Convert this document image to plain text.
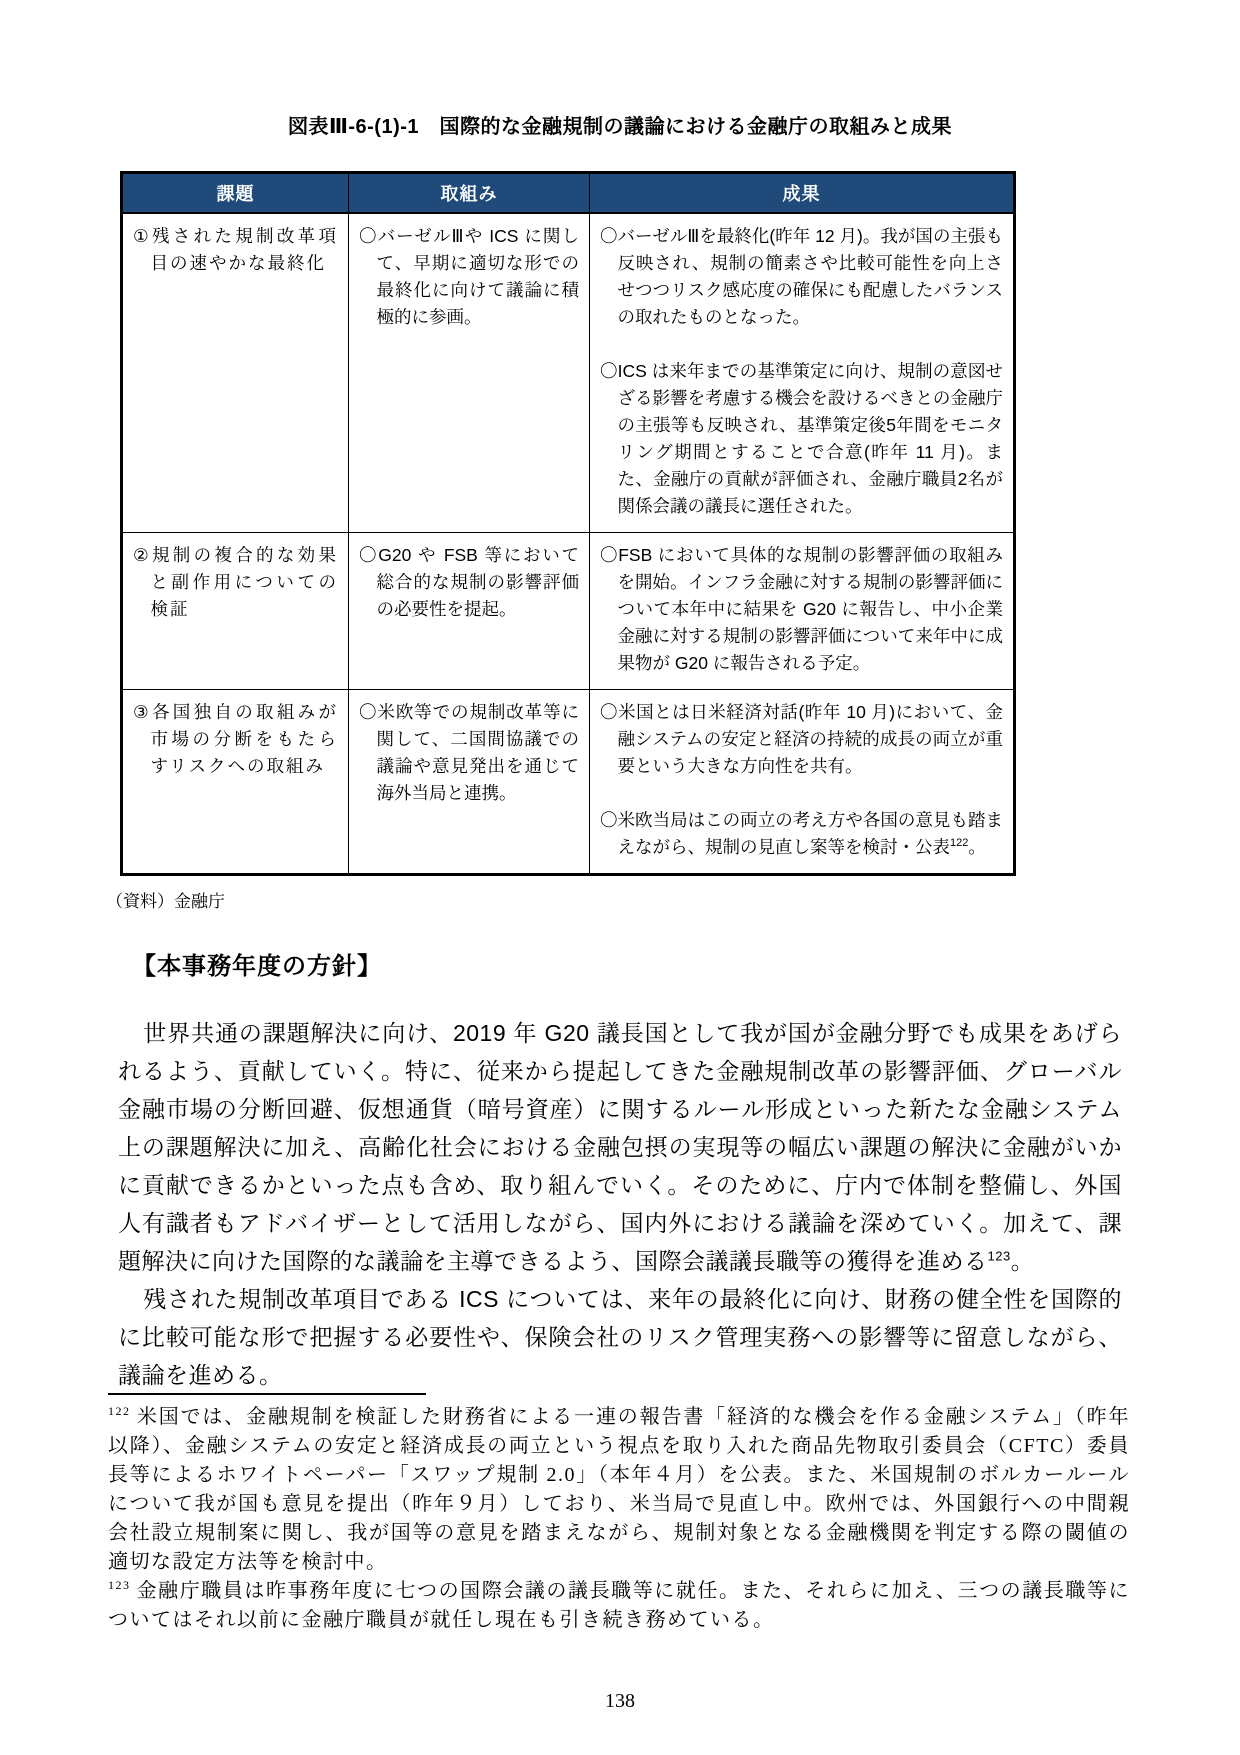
図表Ⅲ-6-(1)-1　国際的な金融規制の議論における金融庁の取組みと成果
課題	取組み	成果

①残された規制改革項目の速やかな最終化	〇バーゼルⅢや ICS に関して、早期に適切な形での最終化に向けて議論に積極的に参画。	〇バーゼルⅢを最終化(昨年 12 月)。我が国の主張も反映され、規制の簡素さや比較可能性を向上させつつリスク感応度の確保にも配慮したバランスの取れたものとなった。

〇ICS は来年までの基準策定に向け、規制の意図せざる影響を考慮する機会を設けるべきとの金融庁の主張等も反映され、基準策定後5年間をモニタリング期間とすることで合意(昨年 11 月)。また、金融庁の貢献が評価され、金融庁職員2名が関係会議の議長に選任された。

②規制の複合的な効果と副作用についての検証	〇G20 や FSB 等において総合的な規制の影響評価の必要性を提起。	〇FSB において具体的な規制の影響評価の取組みを開始。インフラ金融に対する規制の影響評価について本年中に結果を G20 に報告し、中小企業金融に対する規制の影響評価について来年中に成果物が G20 に報告される予定。

③各国独自の取組みが市場の分断をもたらすリスクへの取組み	〇米欧等での規制改革等に関して、二国間協議での議論や意見発出を通じて海外当局と連携。	〇米国とは日米経済対話(昨年 10 月)において、金融システムの安定と経済の持続的成長の両立が重要という大きな方向性を共有。

〇米欧当局はこの両立の考え方や各国の意見も踏まえながら、規制の見直し案等を検討・公表$^{122}$。

（資料）金融庁
【本事務年度の方針】

世界共通の課題解決に向け、2019 年 G20 議長国として我が国が金融分野でも成果をあげられるよう、貢献していく。特に、従来から提起してきた金融規制改革の影響評価、グローバル金融市場の分断回避、仮想通貨（暗号資産）に関するルール形成といった新たな金融システム上の課題解決に加え、高齢化社会における金融包摂の実現等の幅広い課題の解決に金融がいかに貢献できるかといった点も含め、取り組んでいく。そのために、庁内で体制を整備し、外国人有識者もアドバイザーとして活用しながら、国内外における議論を深めていく。加えて、課題解決に向けた国際的な議論を主導できるよう、国際会議議長職等の獲得を進める$^{123}$。

残された規制改革項目である ICS については、来年の最終化に向け、財務の健全性を国際的に比較可能な形で把握する必要性や、保険会社のリスク管理実務への影響等に留意しながら、議論を進める。

$^{122}$ 米国では、金融規制を検証した財務省による一連の報告書「経済的な機会を作る金融システム」（昨年以降）、金融システムの安定と経済成長の両立という視点を取り入れた商品先物取引委員会（CFTC）委員長等によるホワイトペーパー「スワップ規制 2.0」（本年４月）を公表。また、米国規制のボルカールールについて我が国も意見を提出（昨年９月）しており、米当局で見直し中。欧州では、外国銀行への中間親会社設立規制案に関し、我が国等の意見を踏まえながら、規制対象となる金融機関を判定する際の閾値の適切な設定方法等を検討中。

$^{123}$ 金融庁職員は昨事務年度に七つの国際会議の議長職等に就任。また、それらに加え、三つの議長職等についてはそれ以前に金融庁職員が就任し現在も引き続き務めている。

138
